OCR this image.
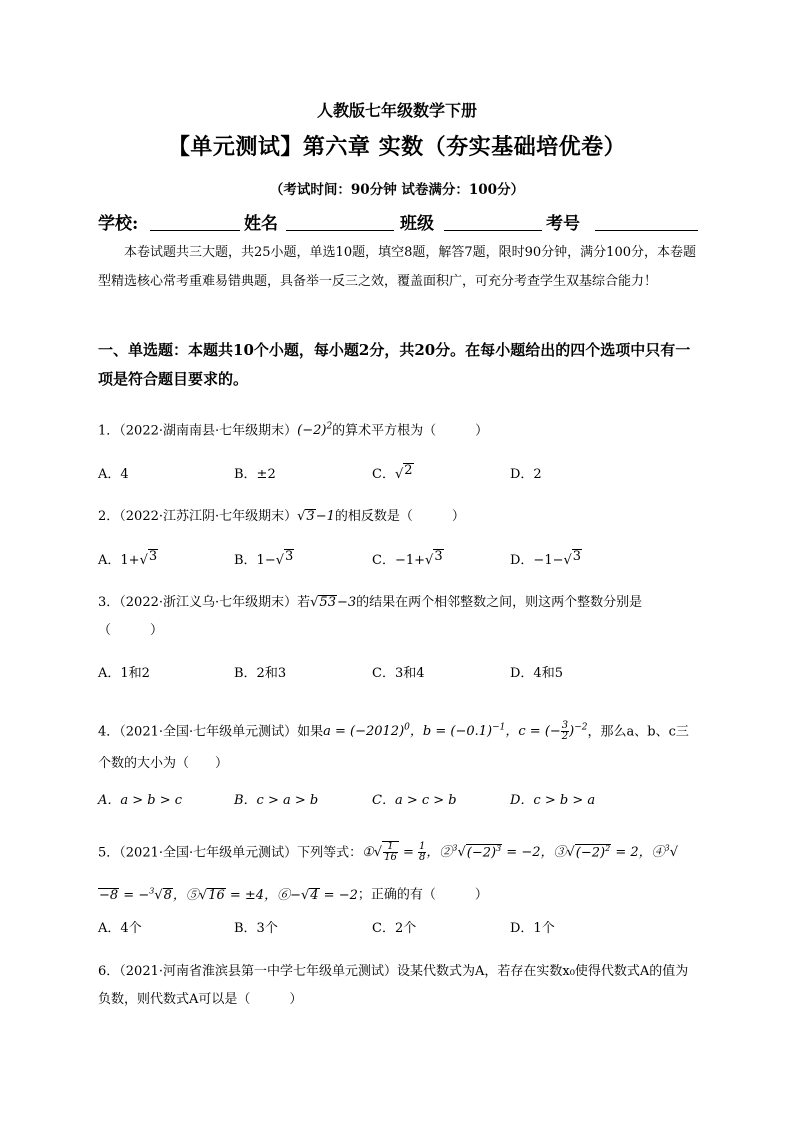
人教版七年级数学下册
【单元测试】第六章 实数（夯实基础培优卷）
（考试时间：90分钟 试卷满分：100分）
学校:	姓名	班级	考号
本卷试题共三大题，共25小题，单选10题，填空8题，解答7题，限时90分钟，满分100分，本卷题型精选核心常考重难易错典题，具备举一反三之效，覆盖面积广，可充分考查学生双基综合能力！
一、单选题：本题共10个小题，每小题2分，共20分。在每小题给出的四个选项中只有一项是符合题目要求的。
1．（2022·湖南南县·七年级期末）$(-2)^2$的算术平方根为（　　　）
A．4	B．±2	C．√ 2	D．2
2．（2022·江苏江阴·七年级期末）√3−1的相反数是（　　　）
A．1+√ 3	B．1−√ 3	C．−1+√ 3	D．−1−√ 3
3．（2022·浙江义乌·七年级期末）若√53−3的结果在两个相邻整数之间，则这两个整数分别是（　　　）
A．1和2	B．2和3	C．3和4	D．4和5
4．（2021·全国·七年级单元测试）如果$a = (-2012)^0$，$b = (-0.1)^{-1}$，c = (− $\frac{3}{2} )^{-2}$，那么a、b、c三个数的大小为（　　）
A．a > b > c	B．c > a > b	C．a > c > b	D．c > b > a
5．（2021·全国·七年级单元测试）下列等式：①√ $\frac{1}{16} = \frac{1}{8}$ ，$②^3√(-2)^3 = -2$，$③√(-2)^2 = 2$，④$^3$√−8 = −$^3$√8，⑤√16 = ±4，⑥−√4 = −2；正确的有（　　　）
A．4个	B．3个	C．2个	D．1个
6．（2021·河南省淮滨县第一中学七年级单元测试）设某代数式为A，若存在实数x₀使得代数式A的值为负数，则代数式A可以是（　　　）
